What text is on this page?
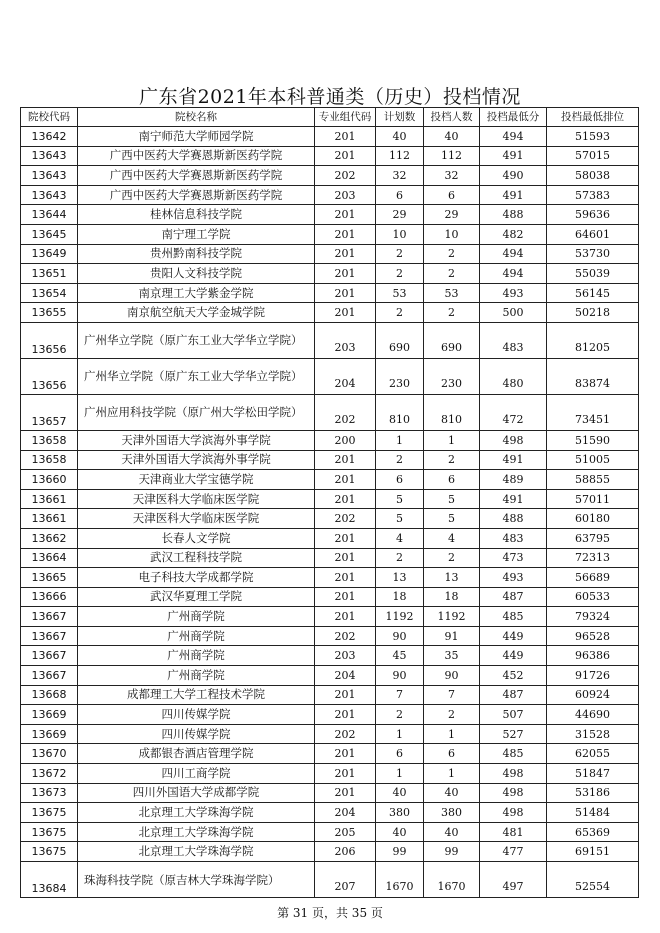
广东省2021年本科普通类（历史）投档情况
院校代码	院校名称	专业组代码	计划数	投档人数	投档最低分	投档最低排位
13642	南宁师范大学师园学院	201	40	40	494	51593
13643	广西中医药大学赛恩斯新医药学院	201	112	112	491	57015
13643	广西中医药大学赛恩斯新医药学院	202	32	32	490	58038
13643	广西中医药大学赛恩斯新医药学院	203	6	6	491	57383
13644	桂林信息科技学院	201	29	29	488	59636
13645	南宁理工学院	201	10	10	482	64601
13649	贵州黔南科技学院	201	2	2	494	53730
13651	贵阳人文科技学院	201	2	2	494	55039
13654	南京理工大学紫金学院	201	53	53	493	56145
13655	南京航空航天大学金城学院	201	2	2	500	50218
13656	广州华立学院（原广东工业大学华立学院）	203	690	690	483	81205
13656	广州华立学院（原广东工业大学华立学院）	204	230	230	480	83874
13657	广州应用科技学院（原广州大学松田学院）	202	810	810	472	73451
13658	天津外国语大学滨海外事学院	200	1	1	498	51590
13658	天津外国语大学滨海外事学院	201	2	2	491	51005
13660	天津商业大学宝德学院	201	6	6	489	58855
13661	天津医科大学临床医学院	201	5	5	491	57011
13661	天津医科大学临床医学院	202	5	5	488	60180
13662	长春人文学院	201	4	4	483	63795
13664	武汉工程科技学院	201	2	2	473	72313
13665	电子科技大学成都学院	201	13	13	493	56689
13666	武汉华夏理工学院	201	18	18	487	60533
13667	广州商学院	201	1192	1192	485	79324
13667	广州商学院	202	90	91	449	96528
13667	广州商学院	203	45	35	449	96386
13667	广州商学院	204	90	90	452	91726
13668	成都理工大学工程技术学院	201	7	7	487	60924
13669	四川传媒学院	201	2	2	507	44690
13669	四川传媒学院	202	1	1	527	31528
13670	成都银杏酒店管理学院	201	6	6	485	62055
13672	四川工商学院	201	1	1	498	51847
13673	四川外国语大学成都学院	201	40	40	498	53186
13675	北京理工大学珠海学院	204	380	380	498	51484
13675	北京理工大学珠海学院	205	40	40	481	65369
13675	北京理工大学珠海学院	206	99	99	477	69151
13684	珠海科技学院（原吉林大学珠海学院）	207	1670	1670	497	52554
第 31 页，共 35 页
